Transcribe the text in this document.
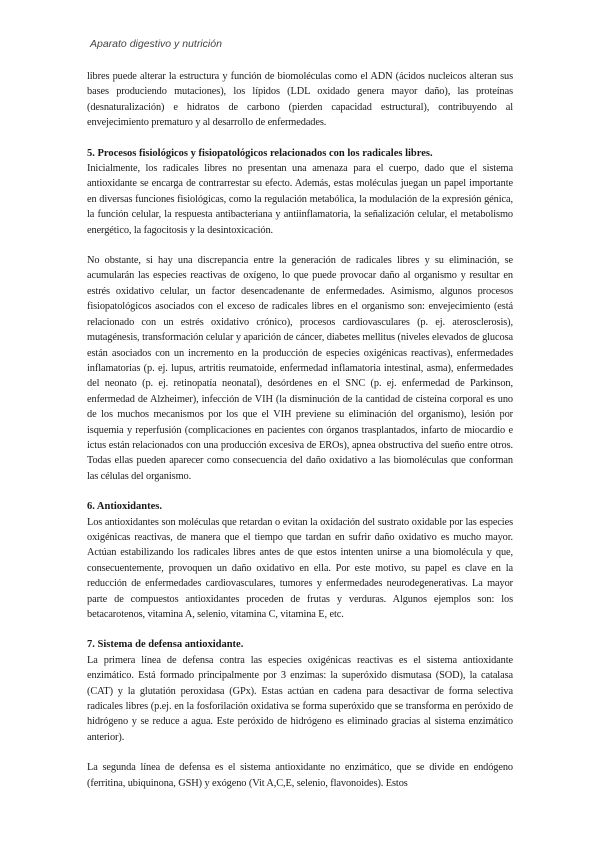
Aparato digestivo y nutrición

libres puede alterar la estructura y función de biomoléculas como el ADN (ácidos nucleicos alteran sus bases produciendo mutaciones), los lípidos (LDL oxidado genera mayor daño), las proteínas (desnaturalización) e hidratos de carbono (pierden capacidad estructural), contribuyendo al envejecimiento prematuro y al desarrollo de enfermedades.

5. Procesos fisiológicos y fisiopatológicos relacionados con los radicales libres.

Inicialmente, los radicales libres no presentan una amenaza para el cuerpo, dado que el sistema antioxidante se encarga de contrarrestar su efecto. Además, estas moléculas juegan un papel importante en diversas funciones fisiológicas, como la regulación metabólica, la modulación de la expresión génica, la función celular, la respuesta antibacteriana y antiinflamatoria, la señalización celular, el metabolismo energético, la fagocitosis y la desintoxicación.

No obstante, si hay una discrepancia entre la generación de radicales libres y su eliminación, se acumularán las especies reactivas de oxígeno, lo que puede provocar daño al organismo y resultar en estrés oxidativo celular, un factor desencadenante de enfermedades. Asimismo, algunos procesos fisiopatológicos asociados con el exceso de radicales libres en el organismo son: envejecimiento (está relacionado con un estrés oxidativo crónico), procesos cardiovasculares (p. ej. aterosclerosis), mutagénesis, transformación celular y aparición de cáncer, diabetes mellitus (niveles elevados de glucosa están asociados con un incremento en la producción de especies oxigénicas reactivas), enfermedades inflamatorias (p. ej. lupus, artritis reumatoide, enfermedad inflamatoria intestinal, asma), enfermedades del neonato (p. ej. retinopatía neonatal), desórdenes en el SNC (p. ej. enfermedad de Parkinson, enfermedad de Alzheimer), infección de VIH (la disminución de la cantidad de cisteína corporal es uno de los muchos mecanismos por los que el VIH previene su eliminación del organismo), lesión por isquemia y reperfusión (complicaciones en pacientes con órganos trasplantados, infarto de miocardio e ictus están relacionados con una producción excesiva de EROs), apnea obstructiva del sueño entre otros. Todas ellas pueden aparecer como consecuencia del daño oxidativo a las biomoléculas que conforman las células del organismo.

6. Antioxidantes.

Los antioxidantes son moléculas que retardan o evitan la oxidación del sustrato oxidable por las especies oxigénicas reactivas, de manera que el tiempo que tardan en sufrir daño oxidativo es mucho mayor. Actúan estabilizando los radicales libres antes de que estos intenten unirse a una biomolécula y que, consecuentemente, provoquen un daño oxidativo en ella. Por este motivo, su papel es clave en la reducción de enfermedades cardiovasculares, tumores y enfermedades neurodegenerativas. La mayor parte de compuestos antioxidantes proceden de frutas y verduras. Algunos ejemplos son: los betacarotenos, vitamina A, selenio, vitamina C, vitamina E, etc.

7. Sistema de defensa antioxidante.

La primera línea de defensa contra las especies oxigénicas reactivas es el sistema antioxidante enzimático. Está formado principalmente por 3 enzimas: la superóxido dismutasa (SOD), la catalasa (CAT) y la glutatión peroxidasa (GPx). Estas actúan en cadena para desactivar de forma selectiva radicales libres (p.ej. en la fosforilación oxidativa se forma superóxido que se transforma en peróxido de hidrógeno y se reduce a agua. Este peróxido de hidrógeno es eliminado gracias al sistema enzimático anterior).

La segunda línea de defensa es el sistema antioxidante no enzimático, que se divide en endógeno (ferritina, ubiquinona, GSH) y exógeno (Vit A,C,E, selenio, flavonoides). Estos
